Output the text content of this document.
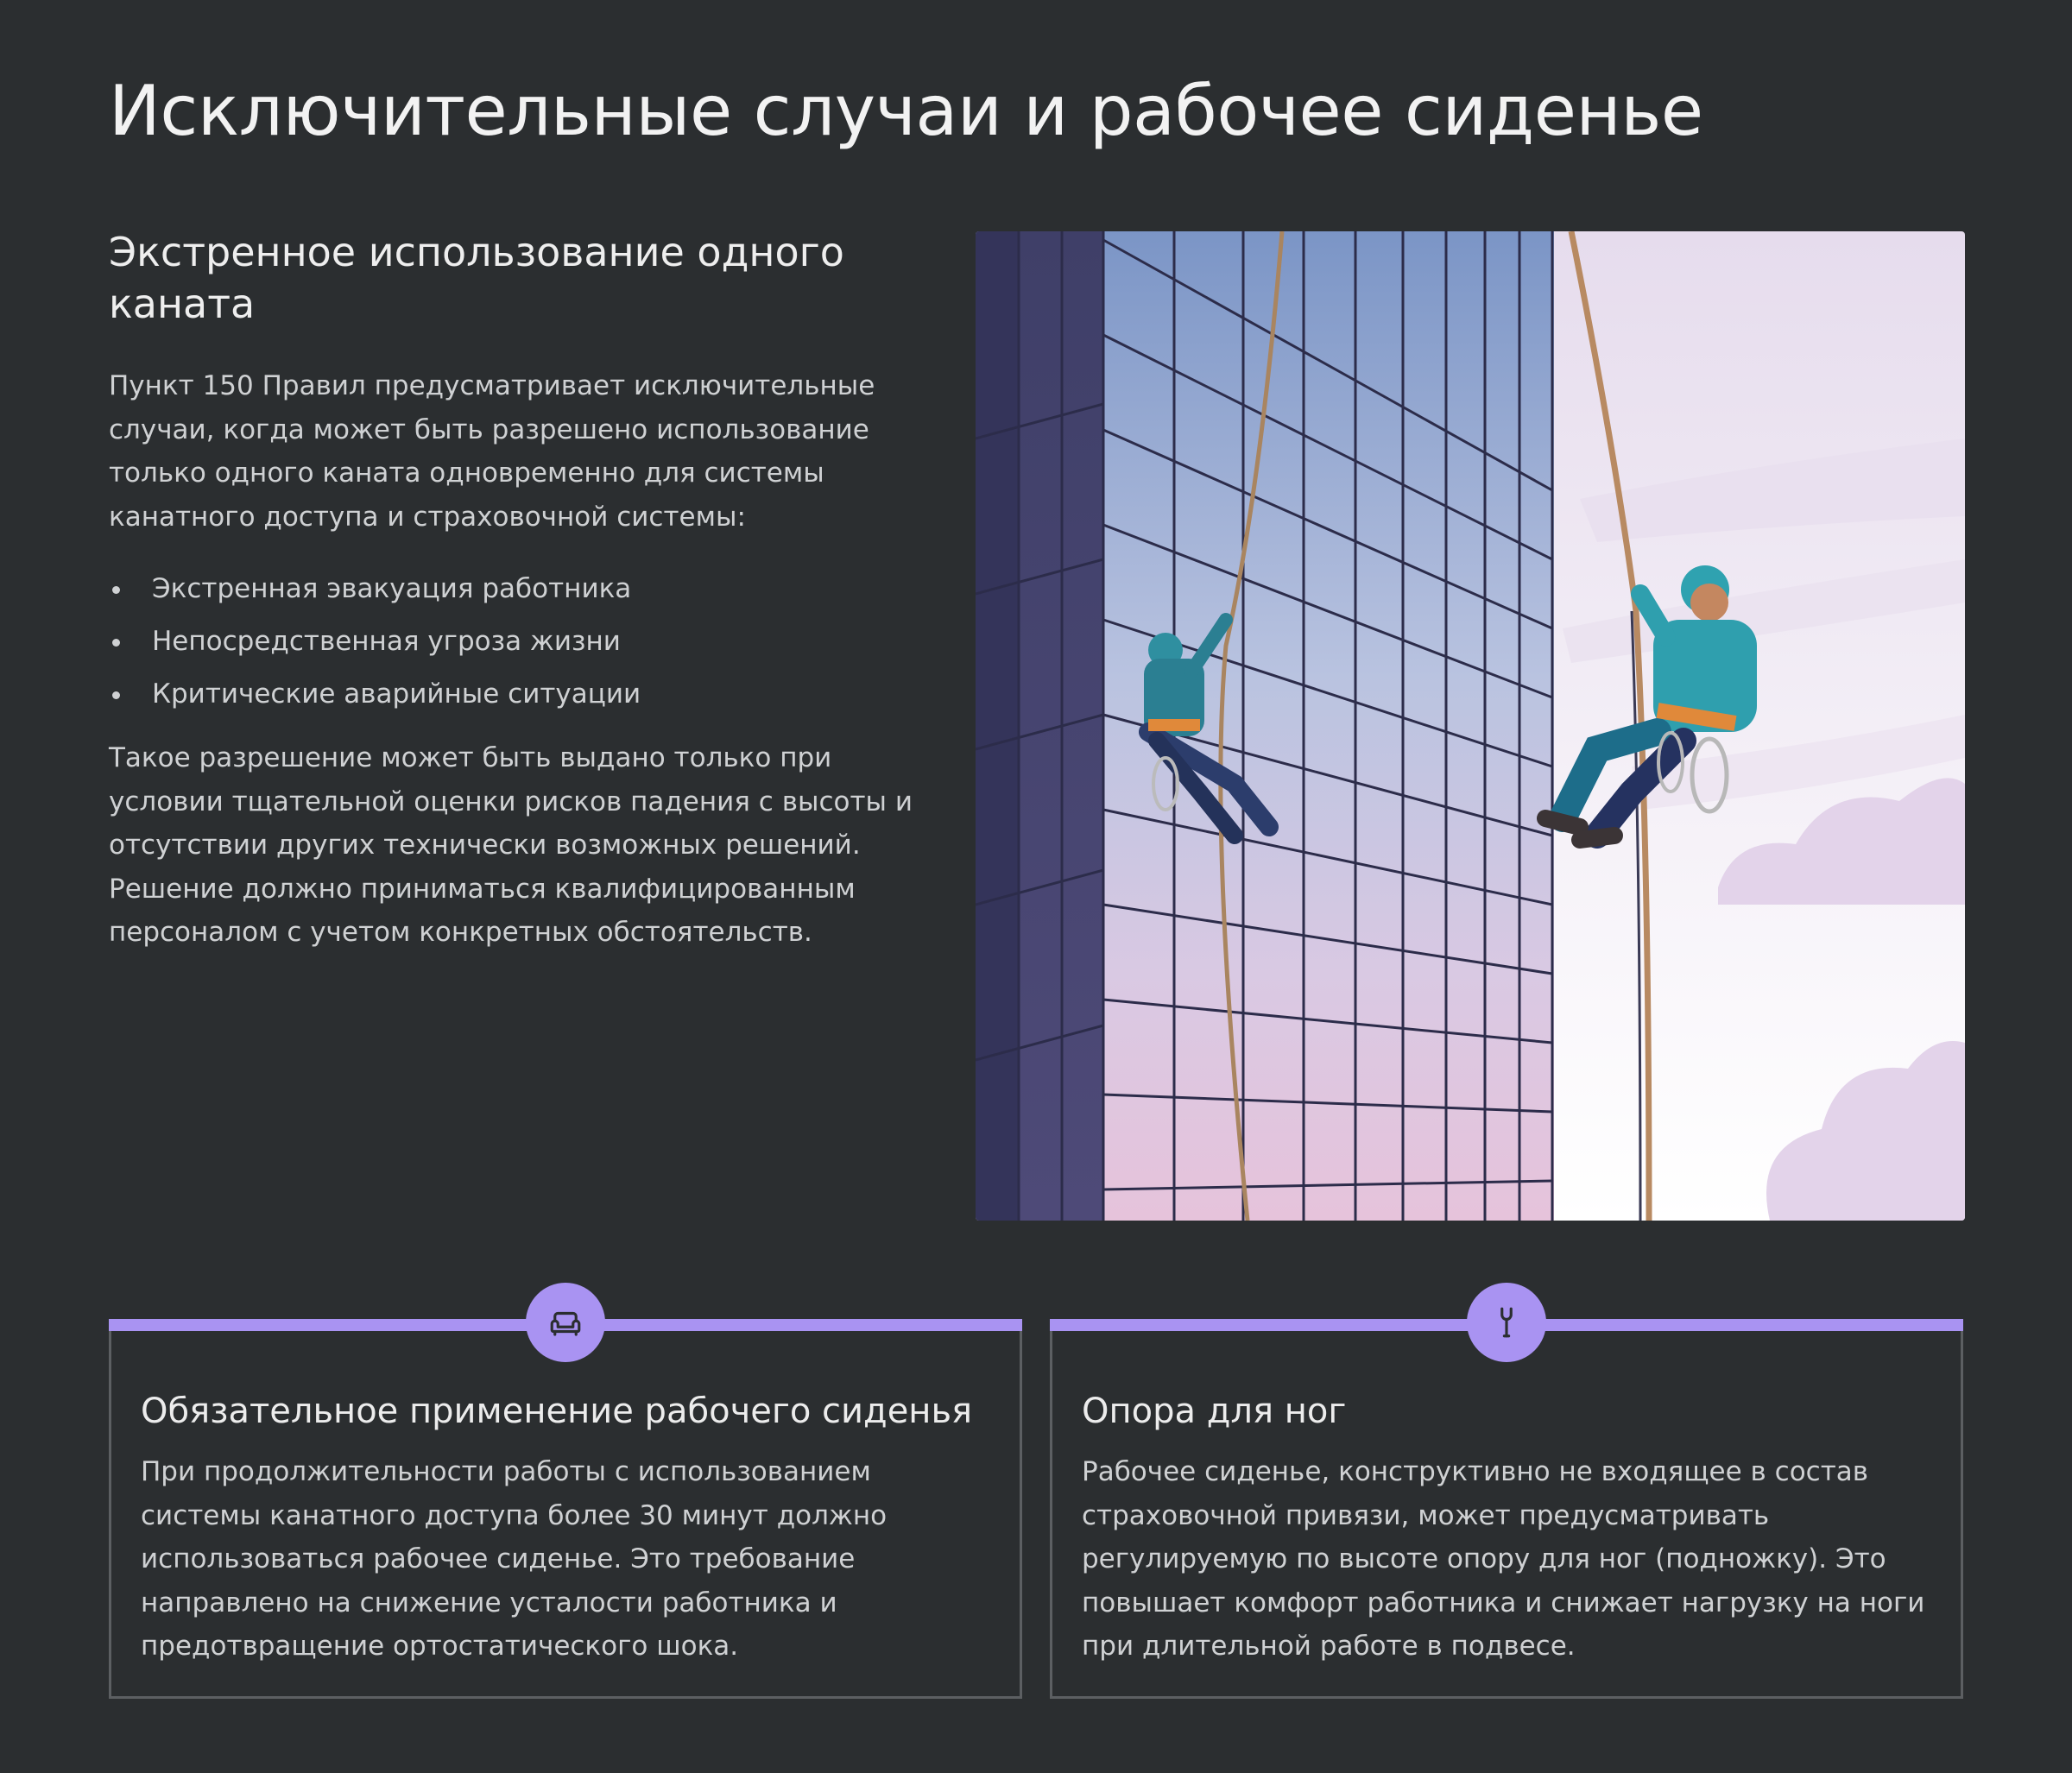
Исключительные случаи и рабочее сиденье
Экстренное использование одного каната

Пункт 150 Правил предусматривает исключительные случаи, когда может быть разрешено использование только одного каната одновременно для системы канатного доступа и страховочной системы:

Экстренная эвакуация работника
Непосредственная угроза жизни
Критические аварийные ситуации

Такое разрешение может быть выдано только при условии тщательной оценки рисков падения с высоты и отсутствии других технически возможных решений. Решение должно приниматься квалифицированным персоналом с учетом конкретных обстоятельств.

Обязательное применение рабочего сиденья

При продолжительности работы с использованием системы канатного доступа более 30 минут должно использоваться рабочее сиденье. Это требование направлено на снижение усталости работника и предотвращение ортостатического шока.

Опора для ног

Рабочее сиденье, конструктивно не входящее в состав страховочной привязи, может предусматривать регулируемую по высоте опору для ног (подножку). Это повышает комфорт работника и снижает нагрузку на ноги при длительной работе в подвесе.
